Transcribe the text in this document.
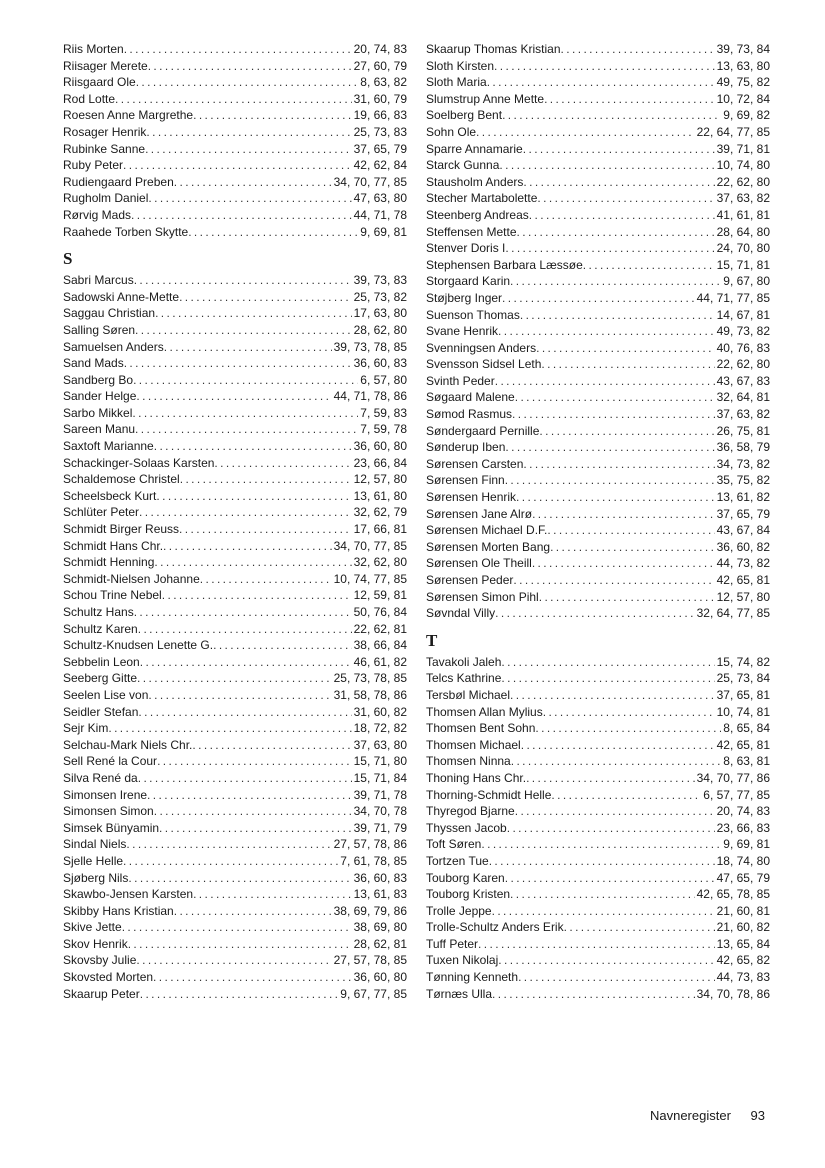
Riis Morten .....	20, 74, 83
Riisager Merete .....	27, 60, 79
Riisgaard Ole .....	8, 63, 82
Rod Lotte .....	31, 60, 79
Roesen Anne Margrethe .....	19, 66, 83
Rosager Henrik .....	25, 73, 83
Rubinke Sanne .....	37, 65, 79
Ruby Peter .....	42, 62, 84
Rudiengaard Preben .....	34, 70, 77, 85
Rugholm Daniel .....	47, 63, 80
Rørvig Mads .....	44, 71, 78
Raahede Torben Skytte .....	9, 69, 81
S
Sabri Marcus .....	39, 73, 83
Sadowski Anne-Mette .....	25, 73, 82
Saggau Christian .....	17, 63, 80
Salling Søren .....	28, 62, 80
Samuelsen Anders .....	39, 73, 78, 85
Sand Mads .....	36, 60, 83
Sandberg Bo .....	6, 57, 80
Sander Helge .....	44, 71, 78, 86
Sarbo Mikkel .....	7, 59, 83
Sareen Manu .....	7, 59, 78
Saxtoft Marianne .....	36, 60, 80
Schackinger-Solaas Karsten .....	23, 66, 84
Schaldemose Christel .....	12, 57, 80
Scheelsbeck Kurt .....	13, 61, 80
Schlüter Peter .....	32, 62, 79
Schmidt Birger Reuss .....	17, 66, 81
Schmidt Hans Chr. .....	34, 70, 77, 85
Schmidt Henning .....	32, 62, 80
Schmidt-Nielsen Johanne .....	10, 74, 77, 85
Schou Trine Nebel .....	12, 59, 81
Schultz Hans .....	50, 76, 84
Schultz Karen .....	22, 62, 81
Schultz-Knudsen Lenette G. .....	38, 66, 84
Sebbelin Leon .....	46, 61, 82
Seeberg Gitte .....	25, 73, 78, 85
Seelen Lise von .....	31, 58, 78, 86
Seidler Stefan .....	31, 60, 82
Sejr Kim .....	18, 72, 82
Selchau-Mark Niels Chr. .....	37, 63, 80
Sell René la Cour .....	15, 71, 80
Silva René da .....	15, 71, 84
Simonsen Irene .....	39, 71, 78
Simonsen Simon .....	34, 70, 78
Simsek Bünyamin .....	39, 71, 79
Sindal Niels .....	27, 57, 78, 86
Sjelle Helle .....	7, 61, 78, 85
Sjøberg Nils .....	36, 60, 83
Skawbo-Jensen Karsten .....	13, 61, 83
Skibby Hans Kristian .....	38, 69, 79, 86
Skive Jette .....	38, 69, 80
Skov Henrik .....	28, 62, 81
Skovsby Julie .....	27, 57, 78, 85
Skovsted Morten .....	36, 60, 80
Skaarup Peter .....	9, 67, 77, 85
Skaarup Thomas Kristian .....	39, 73, 84
Sloth Kirsten .....	13, 63, 80
Sloth Maria .....	49, 75, 82
Slumstrup Anne Mette .....	10, 72, 84
Soelberg Bent .....	9, 69, 82
Sohn Ole .....	22, 64, 77, 85
Sparre Annamarie .....	39, 71, 81
Starck Gunna .....	10, 74, 80
Stausholm Anders .....	22, 62, 80
Stecher Martabolette .....	37, 63, 82
Steenberg Andreas .....	41, 61, 81
Steffensen Mette .....	28, 64, 80
Stenver Doris I .....	24, 70, 80
Stephensen Barbara Læssøe .....	15, 71, 81
Storgaard Karin .....	9, 67, 80
Støjberg Inger .....	44, 71, 77, 85
Suenson Thomas .....	14, 67, 81
Svane Henrik .....	49, 73, 82
Svenningsen Anders .....	40, 76, 83
Svensson Sidsel Leth .....	22, 62, 80
Svinth Peder .....	43, 67, 83
Søgaard Malene .....	32, 64, 81
Sømod Rasmus .....	37, 63, 82
Søndergaard Pernille .....	26, 75, 81
Sønderup Iben .....	36, 58, 79
Sørensen Carsten .....	34, 73, 82
Sørensen Finn .....	35, 75, 82
Sørensen Henrik .....	13, 61, 82
Sørensen Jane Alrø .....	37, 65, 79
Sørensen Michael D.F. .....	43, 67, 84
Sørensen Morten Bang .....	36, 60, 82
Sørensen Ole Theill .....	44, 73, 82
Sørensen Peder .....	42, 65, 81
Sørensen Simon Pihl .....	12, 57, 80
Søvndal Villy .....	32, 64, 77, 85
T
Tavakoli Jaleh .....	15, 74, 82
Telcs Kathrine .....	25, 73, 84
Tersbøl Michael .....	37, 65, 81
Thomsen Allan Mylius .....	10, 74, 81
Thomsen Bent Sohn .....	8, 65, 84
Thomsen Michael .....	42, 65, 81
Thomsen Ninna .....	8, 63, 81
Thoning Hans Chr. .....	34, 70, 77, 86
Thorning-Schmidt Helle .....	6, 57, 77, 85
Thyregod Bjarne .....	20, 74, 83
Thyssen Jacob .....	23, 66, 83
Toft Søren .....	9, 69, 81
Tortzen Tue .....	18, 74, 80
Touborg Karen .....	47, 65, 79
Touborg Kristen .....	42, 65, 78, 85
Trolle Jeppe .....	21, 60, 81
Trolle-Schultz Anders Erik .....	21, 60, 82
Tuff Peter .....	13, 65, 84
Tuxen Nikolaj .....	42, 65, 82
Tønning Kenneth .....	44, 73, 83
Tørnæs Ulla .....	34, 70, 78, 86
Navneregister 93
